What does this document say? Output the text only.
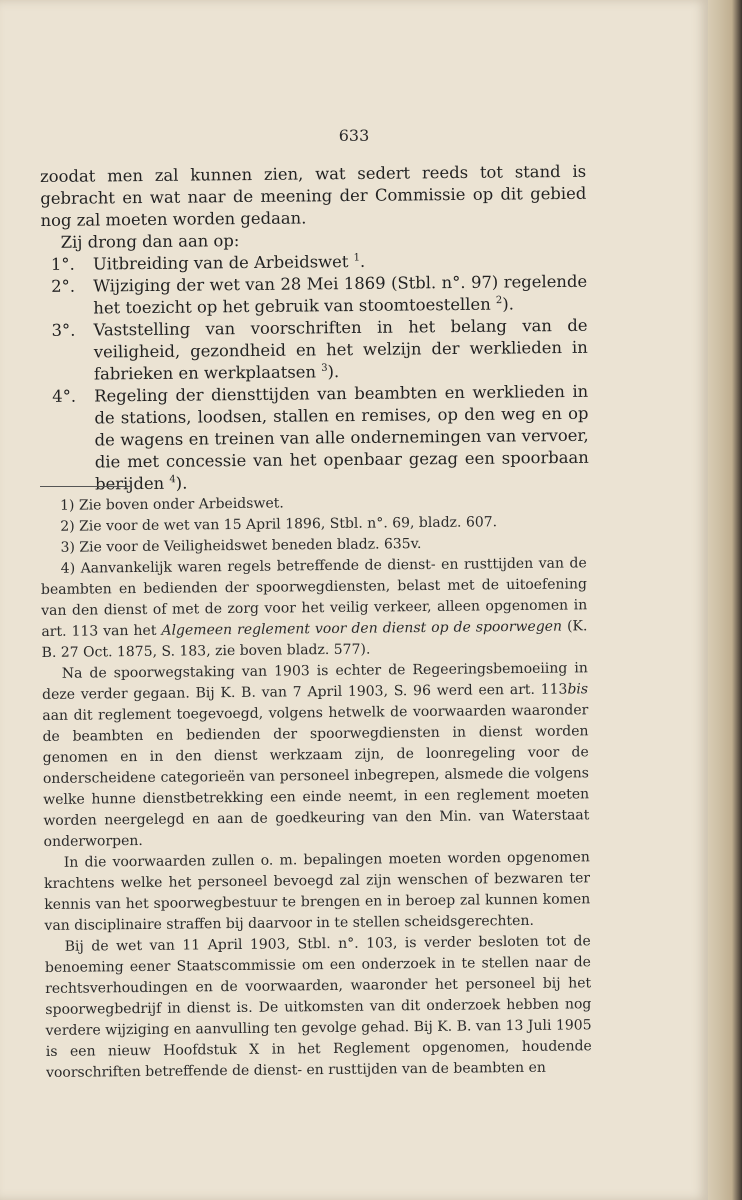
633

zoodat men zal kunnen zien, wat sedert reeds tot stand is gebracht en wat naar de meening der Commissie op dit gebied nog zal moeten worden gedaan.

Zij drong dan aan op:

1°.	Uitbreiding van de Arbeidswet $^1$.
2°.	Wijziging der wet van 28 Mei 1869 (Stbl. n°. 97) regelende het toezicht op het gebruik van stoomtoestellen $^2$).
3°.	Vaststelling van voorschriften in het belang van de veiligheid, gezondheid en het welzijn der werklieden in fabrieken en werkplaatsen $^3$).
4°.	Regeling der diensttijden van beambten en werklieden in de stations, loodsen, stallen en remises, op den weg en op de wagens en treinen van alle ondernemingen van vervoer, die met concessie van het openbaar gezag een spoorbaan berijden $^4$).

1) Zie boven onder Arbeidswet.

2) Zie voor de wet van 15 April 1896, Stbl. n°. 69, bladz. 607.

3) Zie voor de Veiligheidswet beneden bladz. 635v.

4) Aanvankelijk waren regels betreffende de dienst- en rusttijden van de beambten en bedienden der spoorwegdiensten, belast met de uitoefening van den dienst of met de zorg voor het veilig verkeer, alleen opgenomen in art. 113 van het Algemeen reglement voor den dienst op de spoorwegen (K. B. 27 Oct. 1875, S. 183, zie boven bladz. 577).

Na de spoorwegstaking van 1903 is echter de Regeeringsbemoeiing in deze verder gegaan. Bij K. B. van 7 April 1903, S. 96 werd een art. 113bis aan dit reglement toegevoegd, volgens hetwelk de voorwaarden waaronder de beambten en bedienden der spoorwegdiensten in dienst worden genomen en in den dienst werkzaam zijn, de loonregeling voor de onderscheidene categorieën van personeel inbegrepen, alsmede die volgens welke hunne dienstbetrekking een einde neemt, in een reglement moeten worden neergelegd en aan de goedkeuring van den Min. van Waterstaat onderworpen.

In die voorwaarden zullen o. m. bepalingen moeten worden opgenomen krachtens welke het personeel bevoegd zal zijn wenschen of bezwaren ter kennis van het spoorwegbestuur te brengen en in beroep zal kunnen komen van disciplinaire straffen bij daarvoor in te stellen scheidsgerechten.

Bij de wet van 11 April 1903, Stbl. n°. 103, is verder besloten tot de benoeming eener Staatscommissie om een onderzoek in te stellen naar de rechtsverhoudingen en de voorwaarden, waaronder het personeel bij het spoorwegbedrijf in dienst is. De uitkomsten van dit onderzoek hebben nog verdere wijziging en aanvulling ten gevolge gehad. Bij K. B. van 13 Juli 1905 is een nieuw Hoofdstuk X in het Reglement opgenomen, houdende voorschriften betreffende de dienst- en rusttijden van de beambten en
